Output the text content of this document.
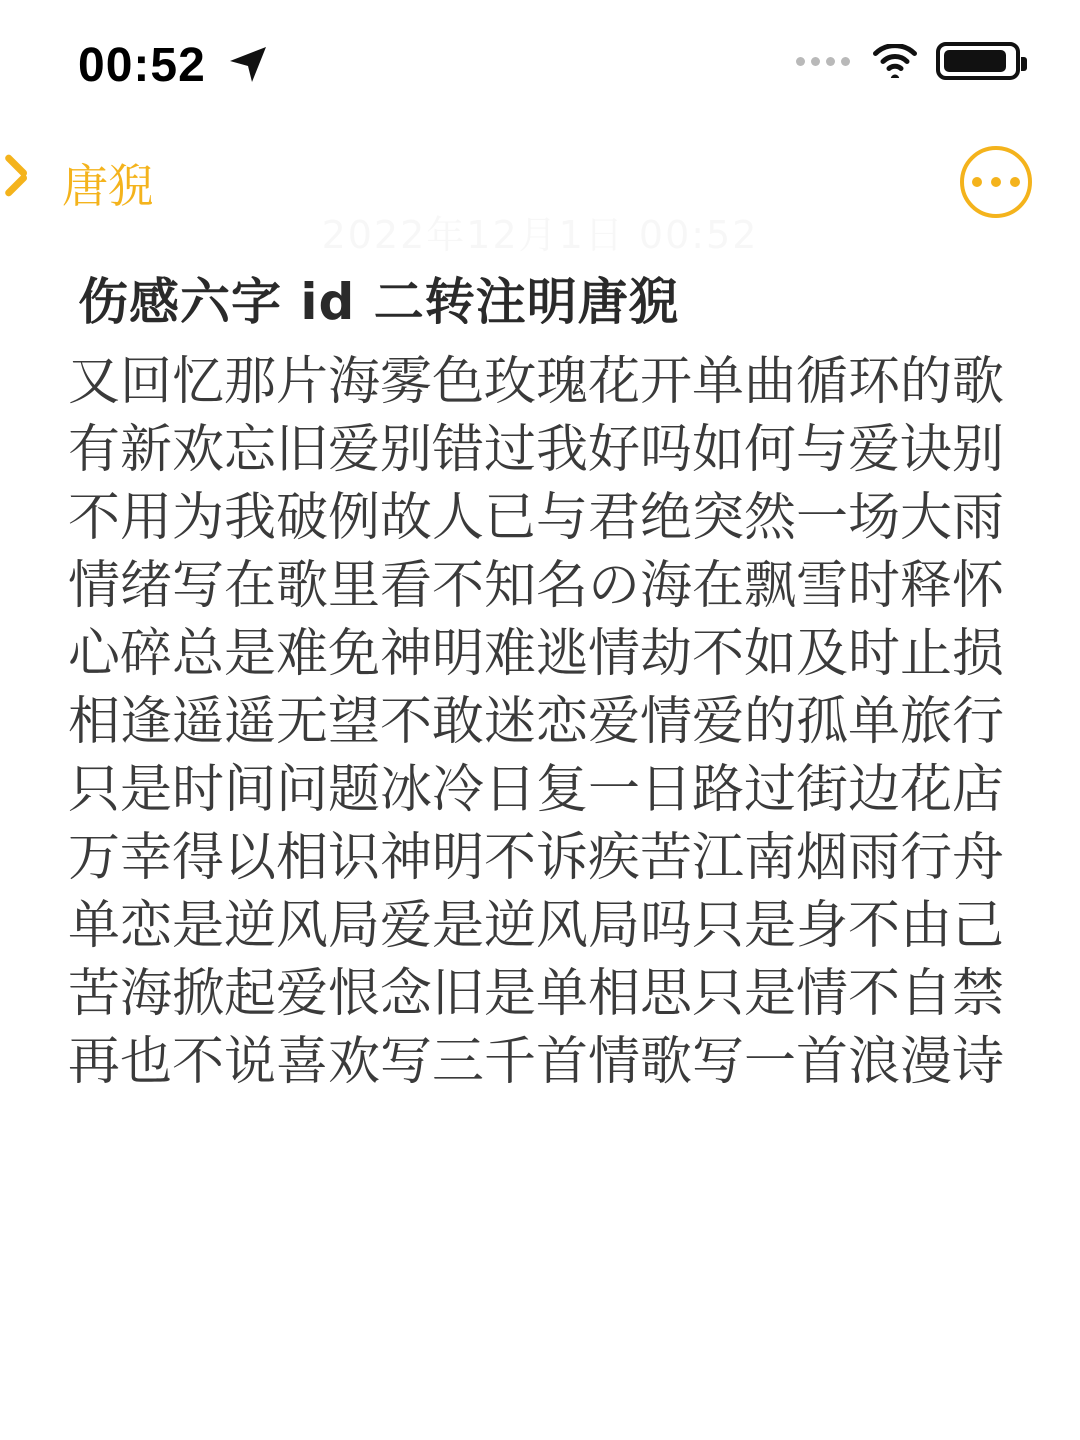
00:52
唐猊
2022年12月1日 00:52
伤感六字 id 二转注明唐猊
又回忆那片海 雾色玫瑰花开 单曲循环的歌
有新欢忘旧爱 别错过我好吗 如何与爱诀别
不用为我破例 故人已与君绝 突然一场大雨
情绪写在歌里 看不知名の海 在飘雪时释怀
心碎总是难免 神明难逃情劫 不如及时止损
相逢遥遥无望 不敢迷恋爱情 爱的孤单旅行
只是时间问题 冰冷日复一日 路过街边花店
万幸得以相识 神明不诉疾苦 江南烟雨行舟
单恋是逆风局 爱是逆风局吗 只是身不由己
苦海掀起爱恨 念旧是单相思 只是情不自禁
再也不说喜欢 写三千首情歌 写一首浪漫诗
